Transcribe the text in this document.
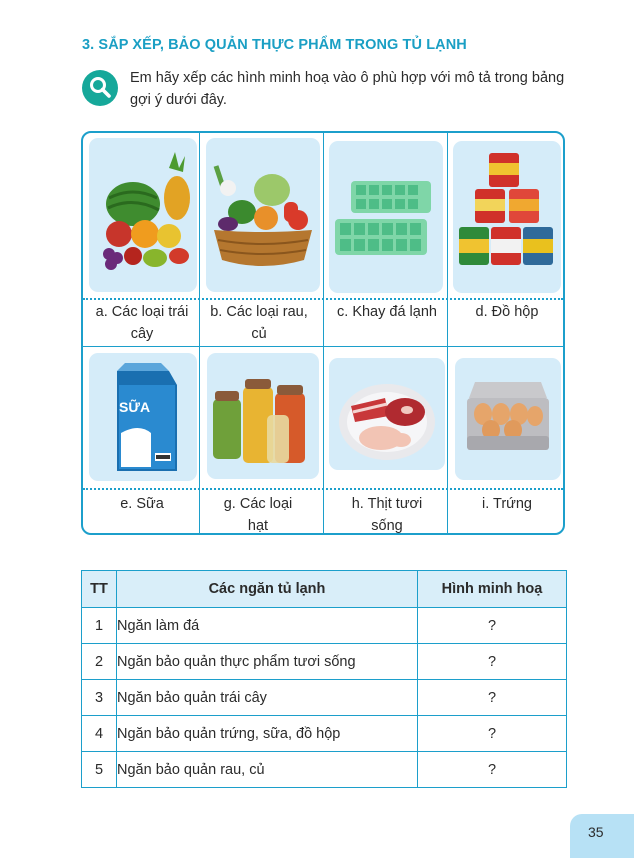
3. SẮP XẾP, BẢO QUẢN THỰC PHẨM TRONG TỦ LẠNH
Em hãy xếp các hình minh hoạ vào ô phù hợp với mô tả trong bảng gợi ý dưới đây.
a. Các loại trái cây
b. Các loại rau, củ
c. Khay đá lạnh	d. Đồ hộp
SỮA
e. Sữa	g. Các loại hạt
h. Thịt tươi sống
i. Trứng
TT	Các ngăn tủ lạnh	Hình minh hoạ
1	Ngăn làm đá	?
2	Ngăn bảo quản thực phẩm tươi sống	?
3	Ngăn bảo quản trái cây	?
4	Ngăn bảo quản trứng, sữa, đồ hộp	?
5	Ngăn bảo quản rau, củ	?
35
